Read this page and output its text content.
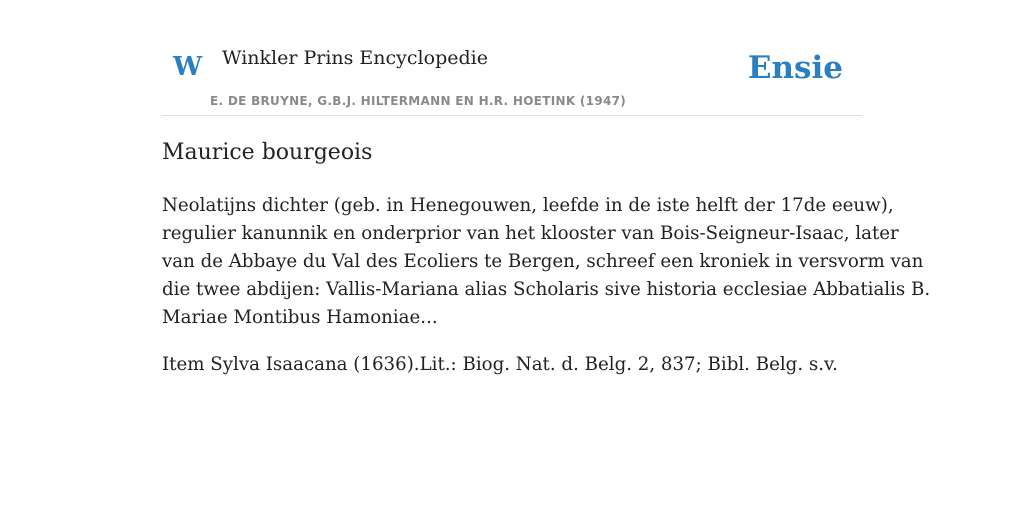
W Winkler Prins Encyclopedie
E. DE BRUYNE, G.B.J. HILTERMANN EN H.R. HOETINK (1947)
Ensie
Maurice bourgeois

Neolatijns dichter (geb. in Henegouwen, leefde in de iste helft der 17de eeuw),
regulier kanunnik en onderprior van het klooster van Bois-Seigneur-Isaac, later
van de Abbaye du Val des Ecoliers te Bergen, schreef een kroniek in versvorm van
die twee abdijen: Vallis-Mariana alias Scholaris sive historia ecclesiae Abbatialis B.
Mariae Montibus Hamoniae...

Item Sylva Isaacana (1636).Lit.: Biog. Nat. d. Belg. 2, 837; Bibl. Belg. s.v.
